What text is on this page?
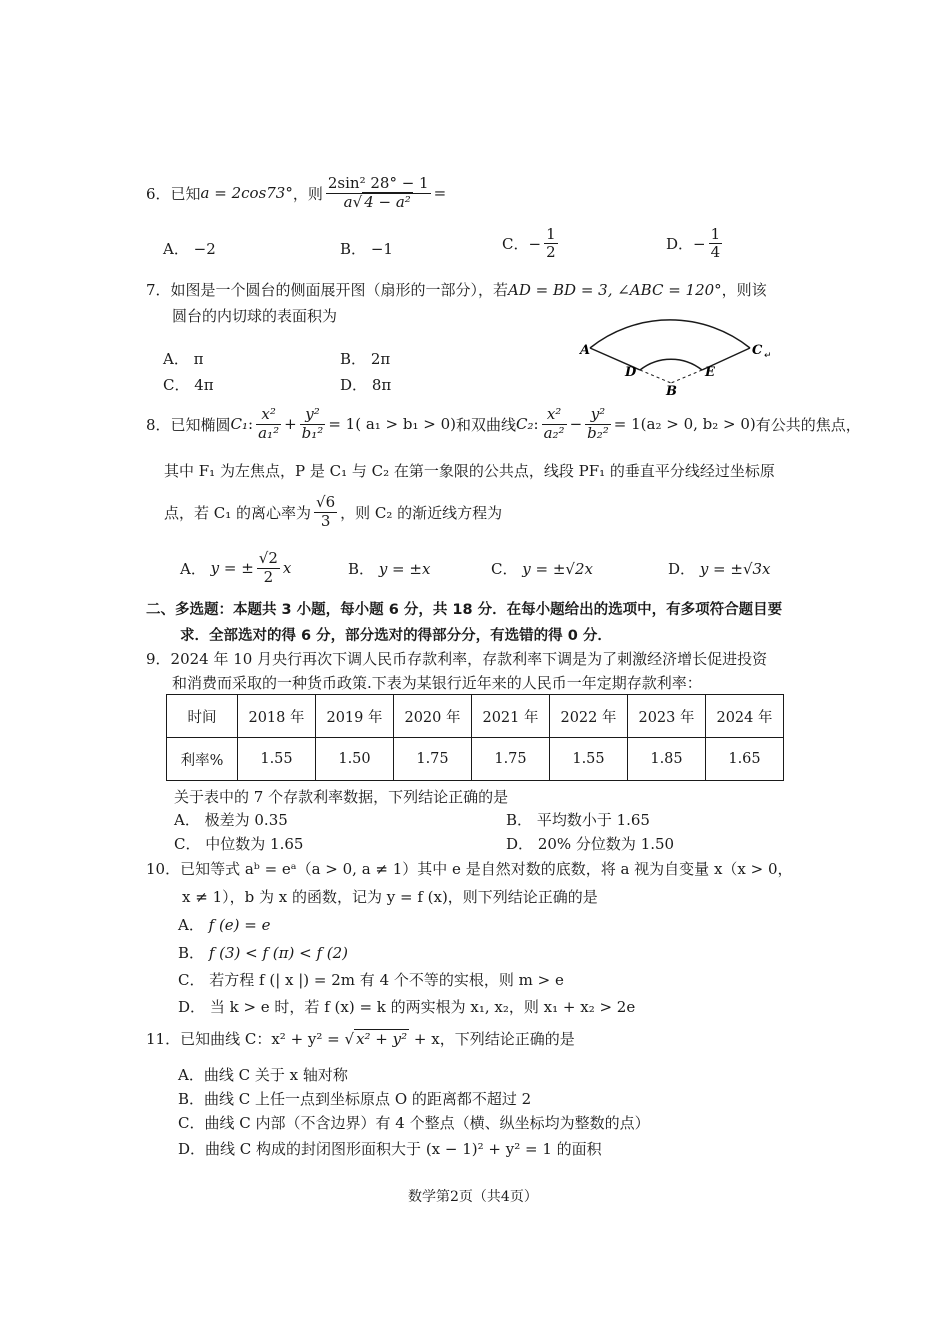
6．已知 a = 2cos73° ，则 $\frac{\text{2sin² 28° − 1}}{\text{a√ 4 − a²}}$ =
A． −2	B． −1	C． − $\frac{1}{2}$	D． − $\frac{1}{4}$
7．如图是一个圆台的侧面展开图（扇形的一部分），若AD = BD = 3, ∠ABC = 120°，则该
圆台的内切球的表面积为
A． π	B． 2π
C． 4π	D． 8π
A	C ↵
D	E
B
8．已知椭圆 C₁ : $\frac{\text{x²}}{\text{a₁²}} + \frac{\text{y²}}{\text{b₁²}} = 1$( a₁ > b₁ > 0) 和双曲线 C₂ : $\frac{\text{x²}}{\text{a₂²}} - \frac{\text{y²}}{\text{b₂²}} = 1(a_2 > 0$, b₂ > 0) 有公共的焦点，
其中 F₁ 为左焦点，P 是 C₁ 与 C₂ 在第一象限的公共点，线段 PF₁ 的垂直平分线经过坐标原
点，若 C₁ 的离心率为 $\frac{√6}{3}$ ，则 C₂ 的渐近线方程为
A．
y = ± $\frac{√2}{2}$ x	B． y = ±x	C． y = ±√2x	D． y = ±√3x
二、多选题：本题共 3 小题，每小题 6 分，共 18 分．在每小题给出的选项中，有多项符合题目要
求．全部选对的得 6 分，部分选对的得部分分，有选错的得 0 分．
9．2024 年 10 月央行再次下调人民币存款利率，存款利率下调是为了刺激经济增长促进投资
和消费而采取的一种货币政策.下表为某银行近年来的人民币一年定期存款利率：
时间	2018 年	2019 年	2020 年	2021 年	2022 年	2023 年	2024 年
利率%	1.55	1.50	1.75	1.75	1.55	1.85	1.65
关于表中的 7 个存款利率数据，下列结论正确的是
A． 极差为 0.35	B． 平均数小于 1.65
C． 中位数为 1.65	D． 20% 分位数为 1.50
10．已知等式 aᵇ = eᵃ（a > 0, a ≠ 1）其中 e 是自然对数的底数，将 a 视为自变量 x（x > 0，
x ≠ 1），b 为 x 的函数，记为 y = f (x)，则下列结论正确的是
A． f (e) = e
B． f (3) < f (π) < f (2)
C． 若方程 f (| x |) = 2m 有 4 个不等的实根，则 m > e
D． 当 k > e 时，若 f (x) = k 的两实根为 x₁, x₂，则 x₁ + x₂ > 2e
11．已知曲线 C：x² + y² = √ x² + y² + x，下列结论正确的是
A．曲线 C 关于 x 轴对称
B．曲线 C 上任一点到坐标原点 O 的距离都不超过 2
C．曲线 C 内部（不含边界）有 4 个整点（横、纵坐标均为整数的点）
D．曲线 C 构成的封闭图形面积大于 (x − 1)² + y² = 1 的面积
数学第2页（共4页）
